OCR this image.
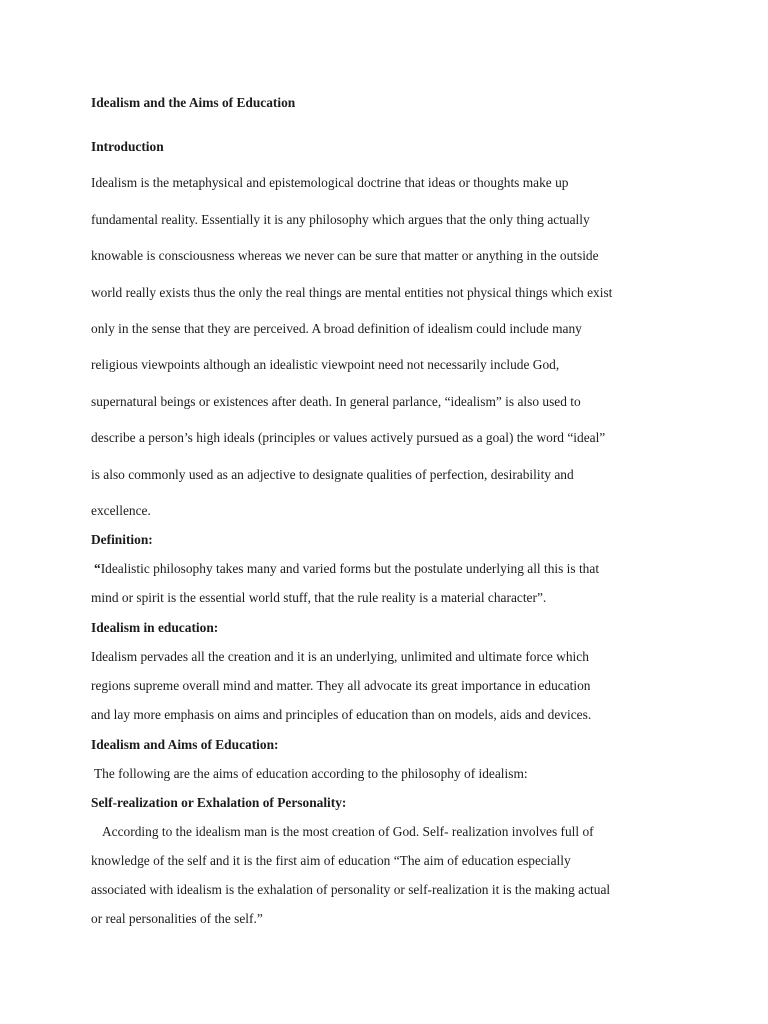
Idealism and the Aims of Education

Introduction

Idealism is the metaphysical and epistemological doctrine that ideas or thoughts make up

fundamental reality. Essentially it is any philosophy which argues that the only thing actually

knowable is consciousness whereas we never can be sure that matter or anything in the outside

world really exists thus the only the real things are mental entities not physical things which exist

only in the sense that they are perceived. A broad definition of idealism could include many

religious viewpoints although an idealistic viewpoint need not necessarily include God,

supernatural beings or existences after death. In general parlance, “idealism” is also used to

describe a person’s high ideals (principles or values actively pursued as a goal) the word “ideal”

is also commonly used as an adjective to designate qualities of perfection, desirability and

excellence.

Definition:

“Idealistic philosophy takes many and varied forms but the postulate underlying all this is that

mind or spirit is the essential world stuff, that the rule reality is a material character”.

Idealism in education:

Idealism pervades all the creation and it is an underlying, unlimited and ultimate force which

regions supreme overall mind and matter. They all advocate its great importance in education

and lay more emphasis on aims and principles of education than on models, aids and devices.

Idealism and Aims of Education:

The following are the aims of education according to the philosophy of idealism:

Self-realization or Exhalation of Personality:

According to the idealism man is the most creation of God. Self- realization involves full of

knowledge of the self and it is the first aim of education “The aim of education especially

associated with idealism is the exhalation of personality or self-realization it is the making actual

or real personalities of the self.”
